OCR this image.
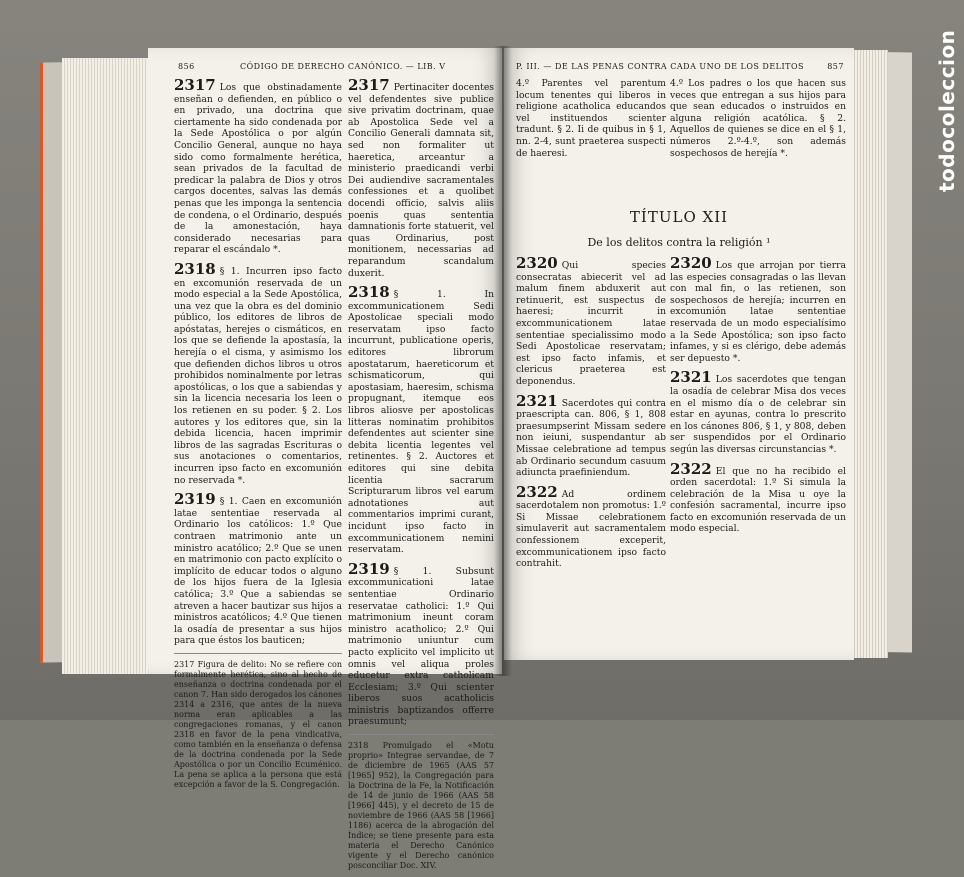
856	CÓDIGO DE DERECHO CANÓNICO. — LIB. V
2317 Los que obstinadamente enseñan o defienden, en público o en privado, una doctrina que ciertamente ha sido condenada por la Sede Apostólica o por algún Concilio General, aunque no haya sido como formalmente herética, sean privados de la facultad de predicar la palabra de Dios y otros cargos docentes, salvas las demás penas que les imponga la sentencia de condena, o el Ordinario, después de la amonestación, haya considerado necesarias para reparar el escándalo *.
2318 § 1. Incurren ipso facto en excomunión reservada de un modo especial a la Sede Apostólica, una vez que la obra es del dominio público, los editores de libros de apóstatas, herejes o cismáticos, en los que se defiende la apostasía, la herejía o el cisma, y asimismo los que defienden dichos libros u otros prohibidos nominalmente por letras apostólicas, o los que a sabiendas y sin la licencia necesaria los leen o los retienen en su poder. § 2. Los autores y los editores que, sin la debida licencia, hacen imprimir libros de las sagradas Escrituras o sus anotaciones o comentarios, incurren ipso facto en excomunión no reservada *.
2319 § 1. Caen en excomunión latae sententiae reservada al Ordinario los católicos: 1.º Que contraen matrimonio ante un ministro acatólico; 2.º Que se unen en matrimonio con pacto explícito o implícito de educar todos o alguno de los hijos fuera de la Iglesia católica; 3.º Que a sabiendas se atreven a hacer bautizar sus hijos a ministros acatólicos; 4.º Que tienen la osadía de presentar a sus hijos para que éstos los bauticen;
2317 Figura de delito: No se refiere con formalmente herética, sino al hecho de enseñanza o doctrina condenada por el canon 7. Han sido derogados los cánones 2314 a 2316, que antes de la nueva norma eran aplicables a las congregaciones romanas, y el canon 2318 en favor de la pena vindicativa, como también en la enseñanza o defensa de la doctrina condenada por la Sede Apostólica o por un Concilio Ecuménico. La pena se aplica a la persona que está excepción a favor de la S. Congregación.
2317 Pertinaciter docentes vel defendentes sive publice sive privatim doctrinam, quae ab Apostolica Sede vel a Concilio Generali damnata sit, sed non formaliter ut haeretica, arceantur a ministerio praedicandi verbi Dei audiendive sacramentales confessiones et a quolibet docendi officio, salvis aliis poenis quas sententia damnationis forte statuerit, vel quas Ordinarius, post monitionem, necessarias ad reparandum scandalum duxerit.
2318 § 1. In excommunicationem Sedi Apostolicae speciali modo reservatam ipso facto incurrunt, publicatione operis, editores librorum apostatarum, haereticorum et schismaticorum, qui apostasiam, haeresim, schisma propugnant, itemque eos libros aliosve per apostolicas litteras nominatim prohibitos defendentes aut scienter sine debita licentia legentes vel retinentes. § 2. Auctores et editores qui sine debita licentia sacrarum Scripturarum libros vel earum adnotationes aut commentarios imprimi curant, incidunt ipso facto in excommunicationem nemini reservatam.
2319 § 1. Subsunt excommunicationi latae sententiae Ordinario reservatae catholici: 1.º Qui matrimonium ineunt coram ministro acatholico; 2.º Qui matrimonio uniuntur cum pacto explicito vel implicito ut omnis vel aliqua proles educetur extra catholicam Ecclesiam; 3.º Qui scienter liberos suos acatholicis ministris baptizandos offerre praesumunt;
2318 Promulgado el «Motu proprio» Integrae servandae, de 7 de diciembre de 1965 (AAS 57 [1965] 952), la Congregación para la Doctrina de la Fe, la Notificación de 14 de junio de 1966 (AAS 58 [1966] 445), y el decreto de 15 de noviembre de 1966 (AAS 58 [1966] 1186) acerca de la abrogación del Índice; se tiene presente para esta materia el Derecho Canónico vigente y el Derecho canónico posconciliar Doc. XIV.
P. III. — DE LAS PENAS CONTRA CADA UNO DE LOS DELITOS	857
4.º Parentes vel parentum locum tenentes qui liberos in religione acatholica educandos vel instituendos scienter tradunt. § 2. Ii de quibus in § 1, nn. 2-4, sunt praeterea suspecti de haeresi.
4.º Los padres o los que hacen sus veces que entregan a sus hijos para que sean educados o instruidos en alguna religión acatólica. § 2. Aquellos de quienes se dice en el § 1, números 2.º-4.º, son además sospechosos de herejía *.
TÍTULO XII
De los delitos contra la religión ¹
2320 Qui species consecratas abiecerit vel ad malum finem abduxerit aut retinuerit, est suspectus de haeresi; incurrit in excommunicationem latae sententiae specialissimo modo Sedi Apostolicae reservatam; est ipso facto infamis, et clericus praeterea est deponendus.
2321 Sacerdotes qui contra praescripta can. 806, § 1, 808 praesumpserint Missam sedere non ieiuni, suspendantur ab Missae celebratione ad tempus ab Ordinario secundum casuum adiuncta praefiniendum.
2322 Ad ordinem sacerdotalem non promotus: 1.º Si Missae celebrationem simulaverit aut sacramentalem confessionem exceperit, excommunicationem ipso facto contrahit.
2320 Los que arrojan por tierra las especies consagradas o las llevan con mal fin, o las retienen, son sospechosos de herejía; incurren en excomunión latae sententiae reservada de un modo especialísimo a la Sede Apostólica; son ipso facto infames, y si es clérigo, debe además ser depuesto *.
2321 Los sacerdotes que tengan la osadía de celebrar Misa dos veces en el mismo día o de celebrar sin estar en ayunas, contra lo prescrito en los cánones 806, § 1, y 808, deben ser suspendidos por el Ordinario según las diversas circunstancias *.
2322 El que no ha recibido el orden sacerdotal: 1.º Si simula la celebración de la Misa u oye la confesión sacramental, incurre ipso facto en excomunión reservada de un modo especial.
todocoleccion
